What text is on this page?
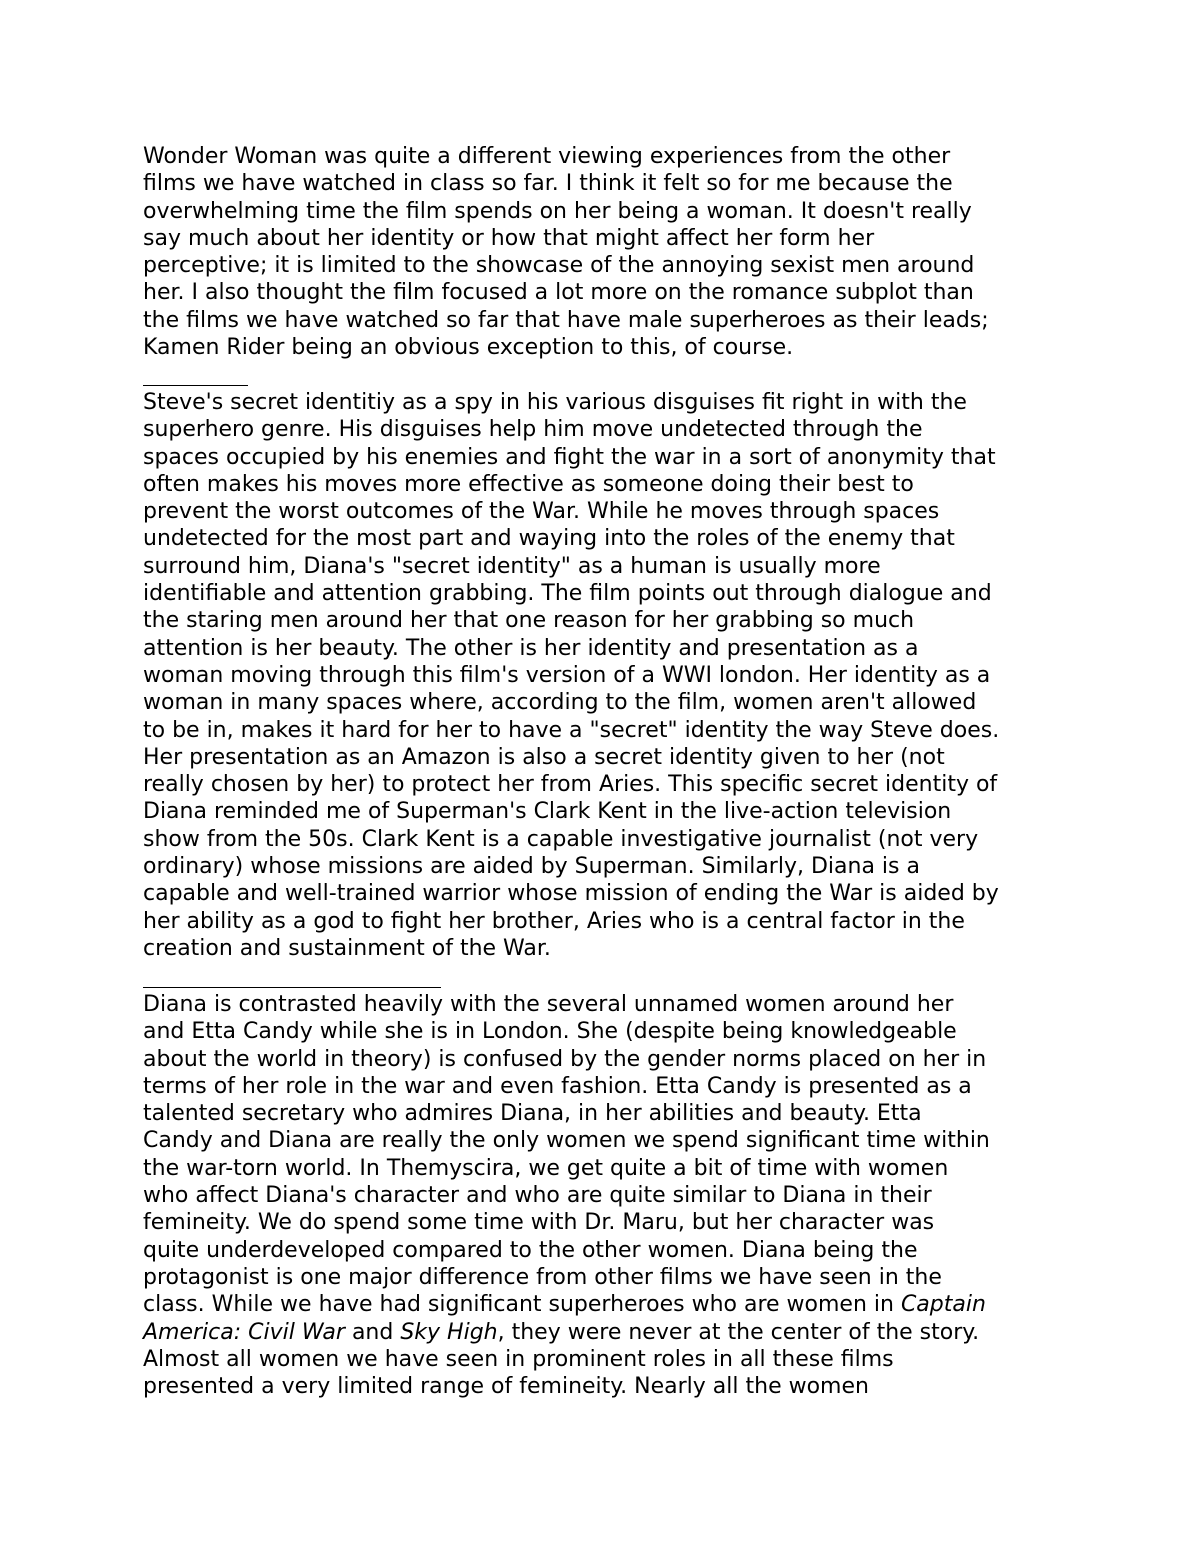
Wonder Woman was quite a different viewing experiences from the other
films we have watched in class so far. I think it felt so for me because the
overwhelming time the film spends on her being a woman. It doesn't really
say much about her identity or how that might affect her form her
perceptive; it is limited to the showcase of the annoying sexist men around
her. I also thought the film focused a lot more on the romance subplot than
the films we have watched so far that have male superheroes as their leads;
Kamen Rider being an obvious exception to this, of course.
Steve's secret identitiy as a spy in his various disguises fit right in with the
superhero genre. His disguises help him move undetected through the
spaces occupied by his enemies and fight the war in a sort of anonymity that
often makes his moves more effective as someone doing their best to
prevent the worst outcomes of the War. While he moves through spaces
undetected for the most part and waying into the roles of the enemy that
surround him, Diana's "secret identity" as a human is usually more
identifiable and attention grabbing. The film points out through dialogue and
the staring men around her that one reason for her grabbing so much
attention is her beauty. The other is her identity and presentation as a
woman moving through this film's version of a WWI london. Her identity as a
woman in many spaces where, according to the film, women aren't allowed
to be in, makes it hard for her to have a "secret" identity the way Steve does.
Her presentation as an Amazon is also a secret identity given to her (not
really chosen by her) to protect her from Aries. This specific secret identity of
Diana reminded me of Superman's Clark Kent in the live-action television
show from the 50s. Clark Kent is a capable investigative journalist (not very
ordinary) whose missions are aided by Superman. Similarly, Diana is a
capable and well-trained warrior whose mission of ending the War is aided by
her ability as a god to fight her brother, Aries who is a central factor in the
creation and sustainment of the War.
Diana is contrasted heavily with the several unnamed women around her
and Etta Candy while she is in London. She (despite being knowledgeable
about the world in theory) is confused by the gender norms placed on her in
terms of her role in the war and even fashion. Etta Candy is presented as a
talented secretary who admires Diana, in her abilities and beauty. Etta
Candy and Diana are really the only women we spend significant time within
the war-torn world. In Themyscira, we get quite a bit of time with women
who affect Diana's character and who are quite similar to Diana in their
femineity. We do spend some time with Dr. Maru, but her character was
quite underdeveloped compared to the other women. Diana being the
protagonist is one major difference from other films we have seen in the
class. While we have had significant superheroes who are women in Captain
America: Civil War and Sky High, they were never at the center of the story.
Almost all women we have seen in prominent roles in all these films
presented a very limited range of femineity. Nearly all the women
